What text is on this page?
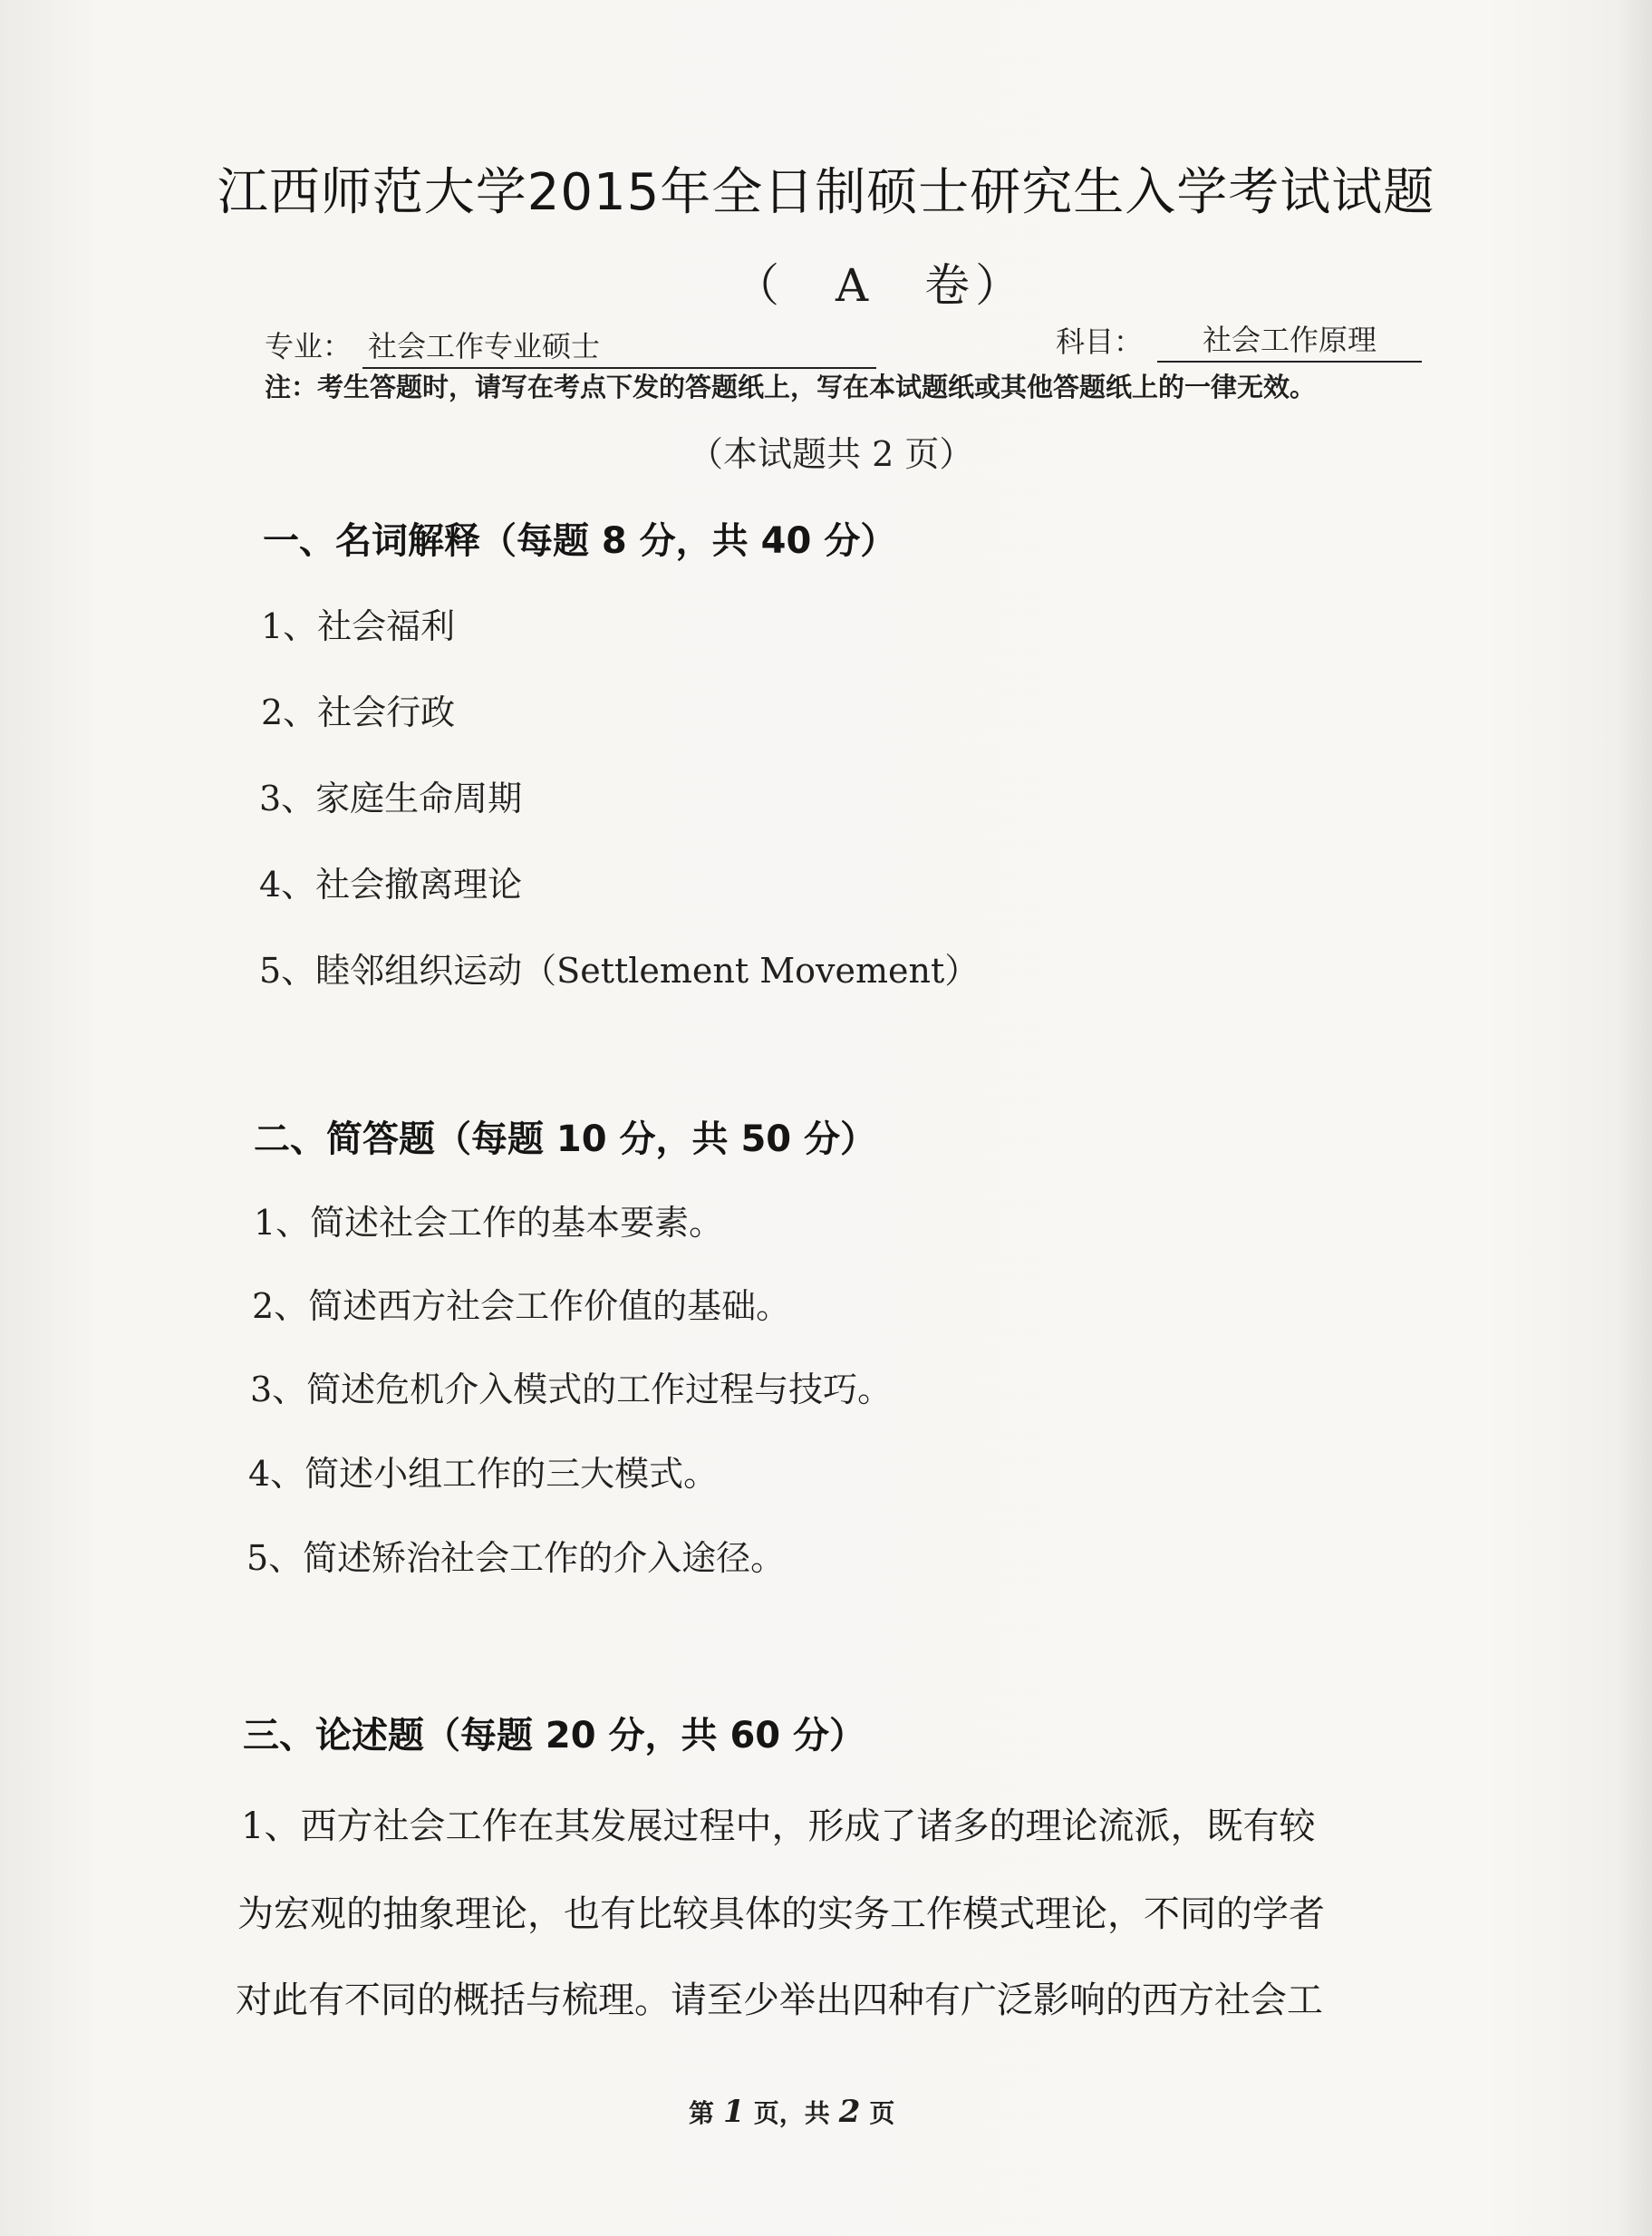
江西师范大学2015年全日制硕士研究生入学考试试题
（　A　卷）
专业： 社会工作专业硕士	科目：	社会工作原理
注：考生答题时，请写在考点下发的答题纸上，写在本试题纸或其他答题纸上的一律无效。
（本试题共 2 页）
一、名词解释（每题 8 分，共 40 分）
1、社会福利
2、社会行政
3、家庭生命周期
4、社会撤离理论
5、睦邻组织运动（Settlement Movement）
二、简答题（每题 10 分，共 50 分）
1、简述社会工作的基本要素。
2、简述西方社会工作价值的基础。
3、简述危机介入模式的工作过程与技巧。
4、简述小组工作的三大模式。
5、简述矫治社会工作的介入途径。
三、论述题（每题 20 分，共 60 分）
1、西方社会工作在其发展过程中，形成了诸多的理论流派，既有较
为宏观的抽象理论，也有比较具体的实务工作模式理论，不同的学者
对此有不同的概括与梳理。请至少举出四种有广泛影响的西方社会工
第 1 页，共 2 页
